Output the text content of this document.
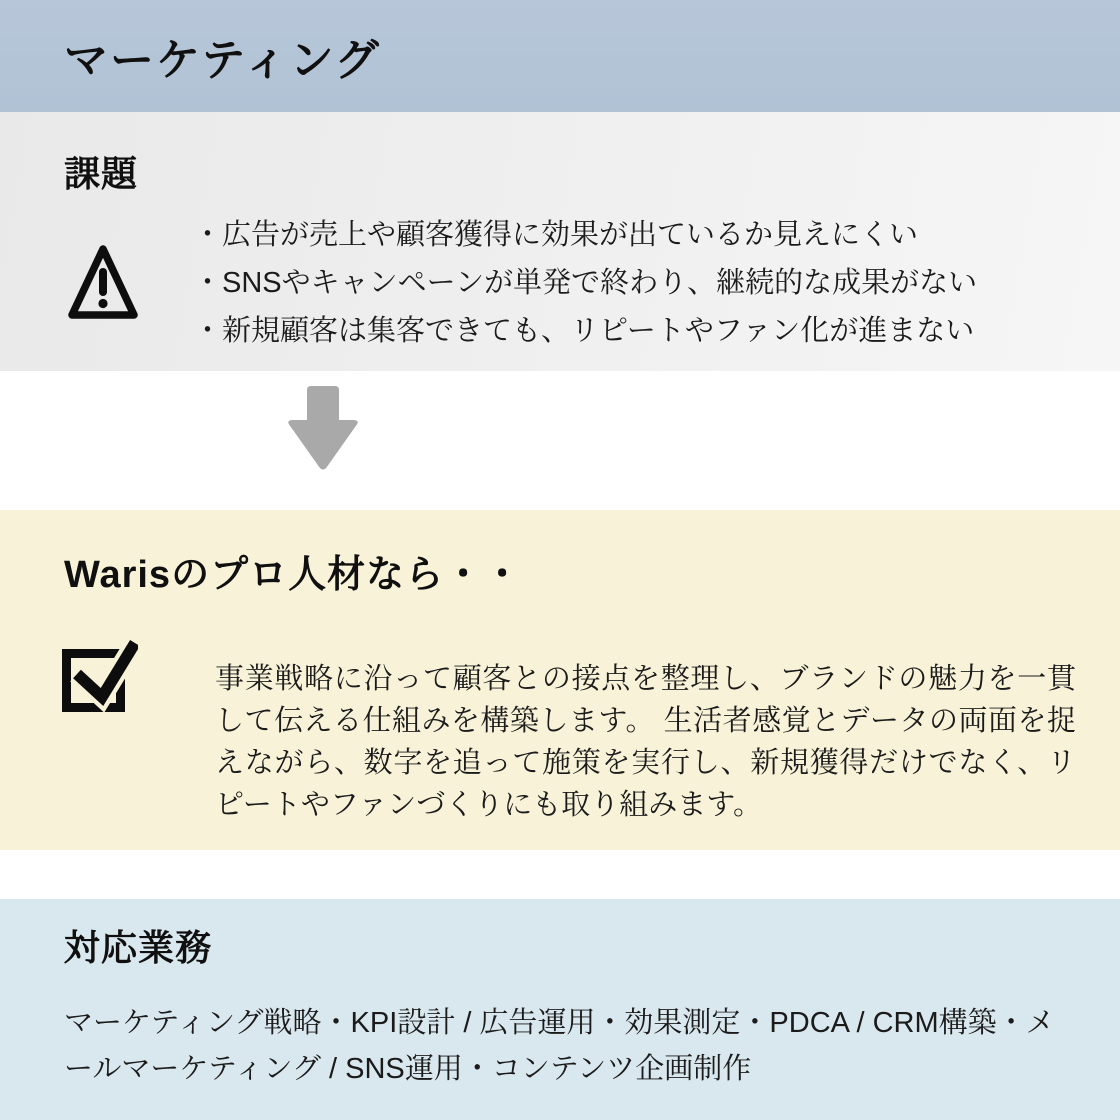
マーケティング
課題
・ 広告が売上や顧客獲得に効果が出ているか見えにくい
・ SNSやキャンペーンが単発で終わり、継続的な成果がない
・ 新規顧客は集客できても、リピートやファン化が進まない
Warisのプロ人材なら・・

事業戦略に沿って顧客との接点を整理し、ブランドの魅力を一貫して伝える仕組みを構築します。 生活者感覚とデータの両面を捉えながら、数字を追って施策を実行し、新規獲得だけでなく、リピートやファンづくりにも取り組みます。

対応業務

マーケティング戦略・KPI設計 / 広告運用・効果測定・PDCA / CRM構築・メールマーケティング / SNS運用・コンテンツ企画制作
